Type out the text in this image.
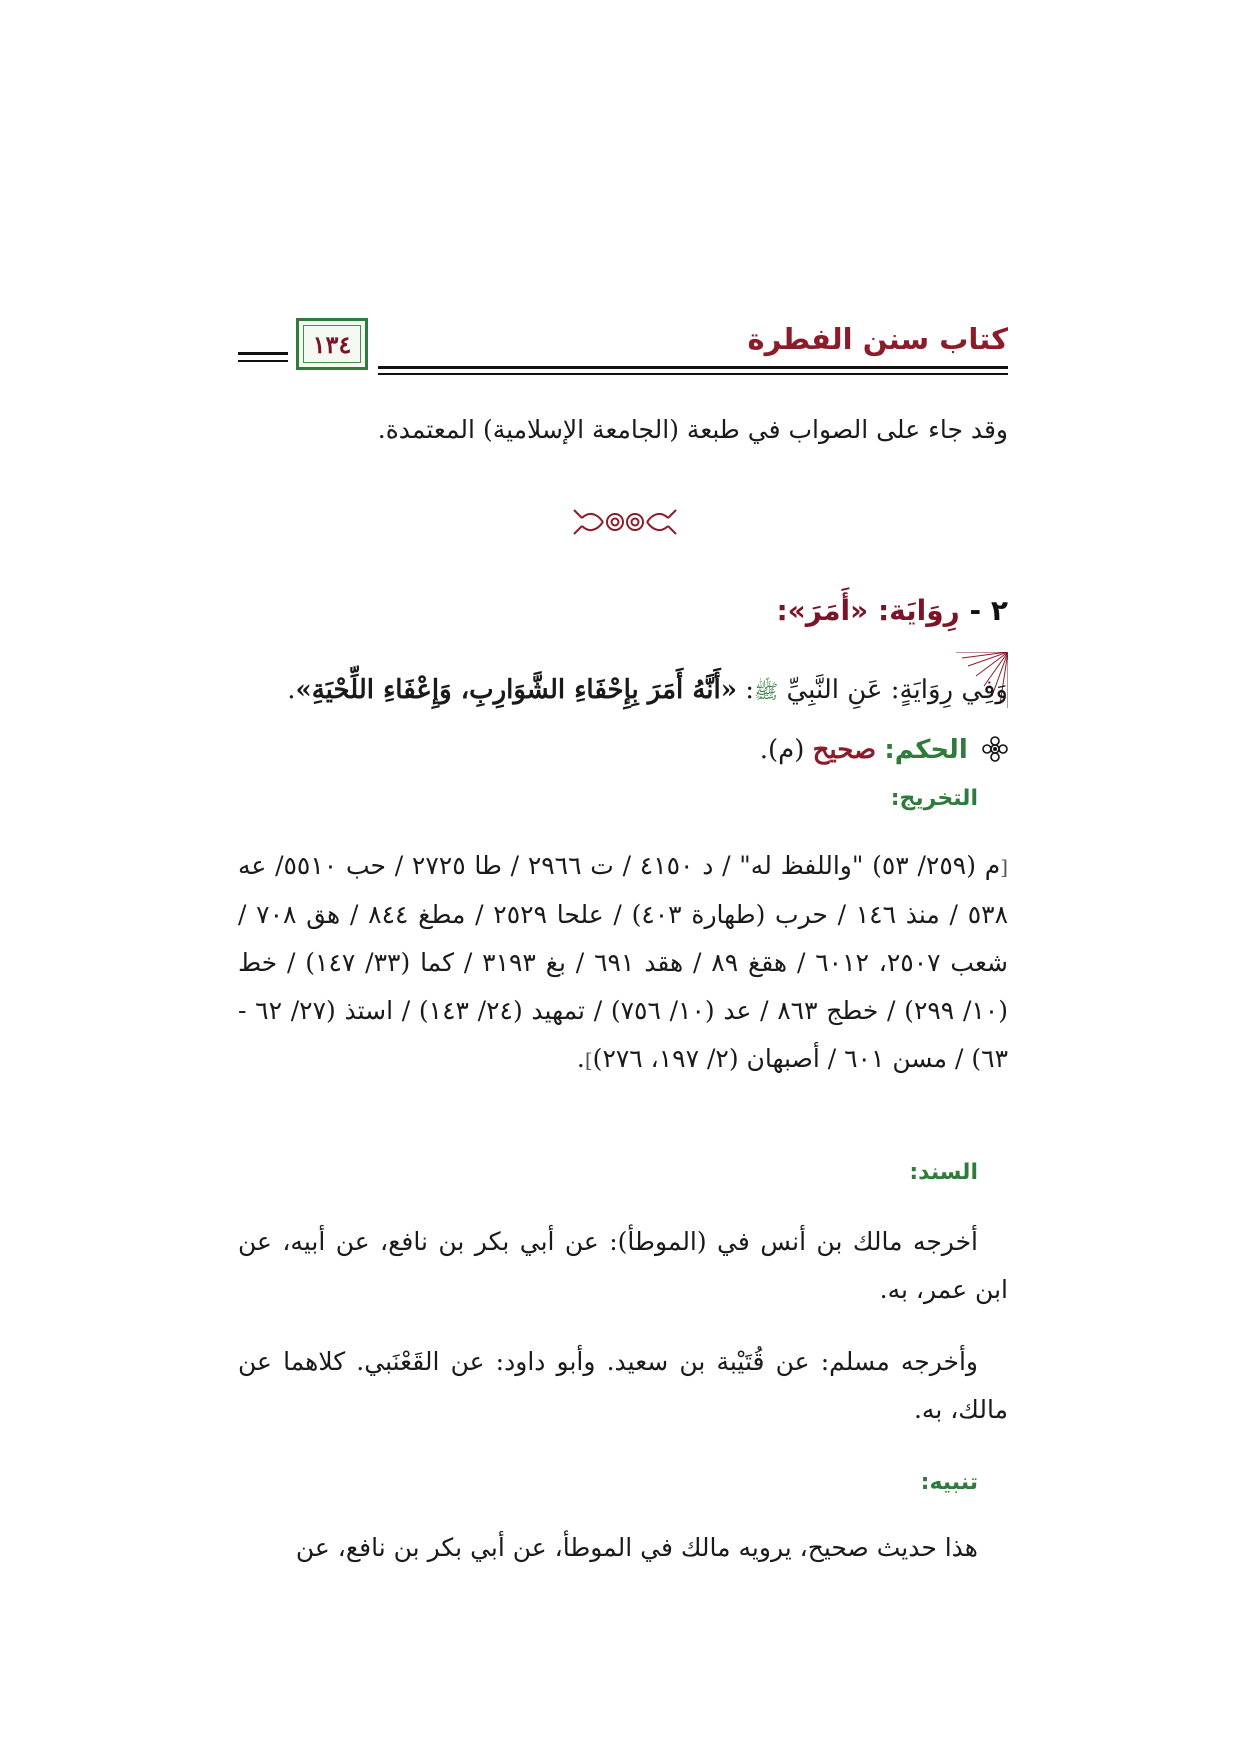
١٣٤	كتاب سنن الفطرة
وقد جاء على الصواب في طبعة (الجامعة الإسلامية) المعتمدة.
٢ - رِوَايَة: «أَمَرَ»:
وَفِي رِوَايَةٍ: عَنِ النَّبِيِّ ﷺ: «أَنَّهُ أَمَرَ بِإِحْفَاءِ الشَّوَارِبِ، وَإِعْفَاءِ اللِّحْيَةِ».
الحكم: صحيح (م).
التخريج:
[م (٢٥٩/ ٥٣) "واللفظ له" / د ٤١٥٠ / ت ٢٩٦٦ / طا ٢٧٢٥ / حب ٥٥١٠/ عه ٥٣٨ / منذ ١٤٦ / حرب (طهارة ٤٠٣) / علحا ٢٥٢٩ / مطغ ٨٤٤ / هق ٧٠٨ / شعب ٢٥٠٧، ٦٠١٢ / هقغ ٨٩ / هقد ٦٩١ / بغ ٣١٩٣ / كما (٣٣/ ١٤٧) / خط (١٠/ ٢٩٩) / خطج ٨٦٣ / عد (١٠/ ٧٥٦) / تمهيد (٢٤/ ١٤٣) / استذ (٢٧/ ٦٢ - ٦٣) / مسن ٦٠١ / أصبهان (٢/ ١٩٧، ٢٧٦)].
السند:
أخرجه مالك بن أنس في (الموطأ): عن أبي بكر بن نافع، عن أبيه، عن ابن عمر، به.
وأخرجه مسلم: عن قُتَيْبة بن سعيد. وأبو داود: عن القَعْنَبي. كلاهما عن مالك، به.
تنبيه:
هذا حديث صحيح، يرويه مالك في الموطأ، عن أبي بكر بن نافع، عن
